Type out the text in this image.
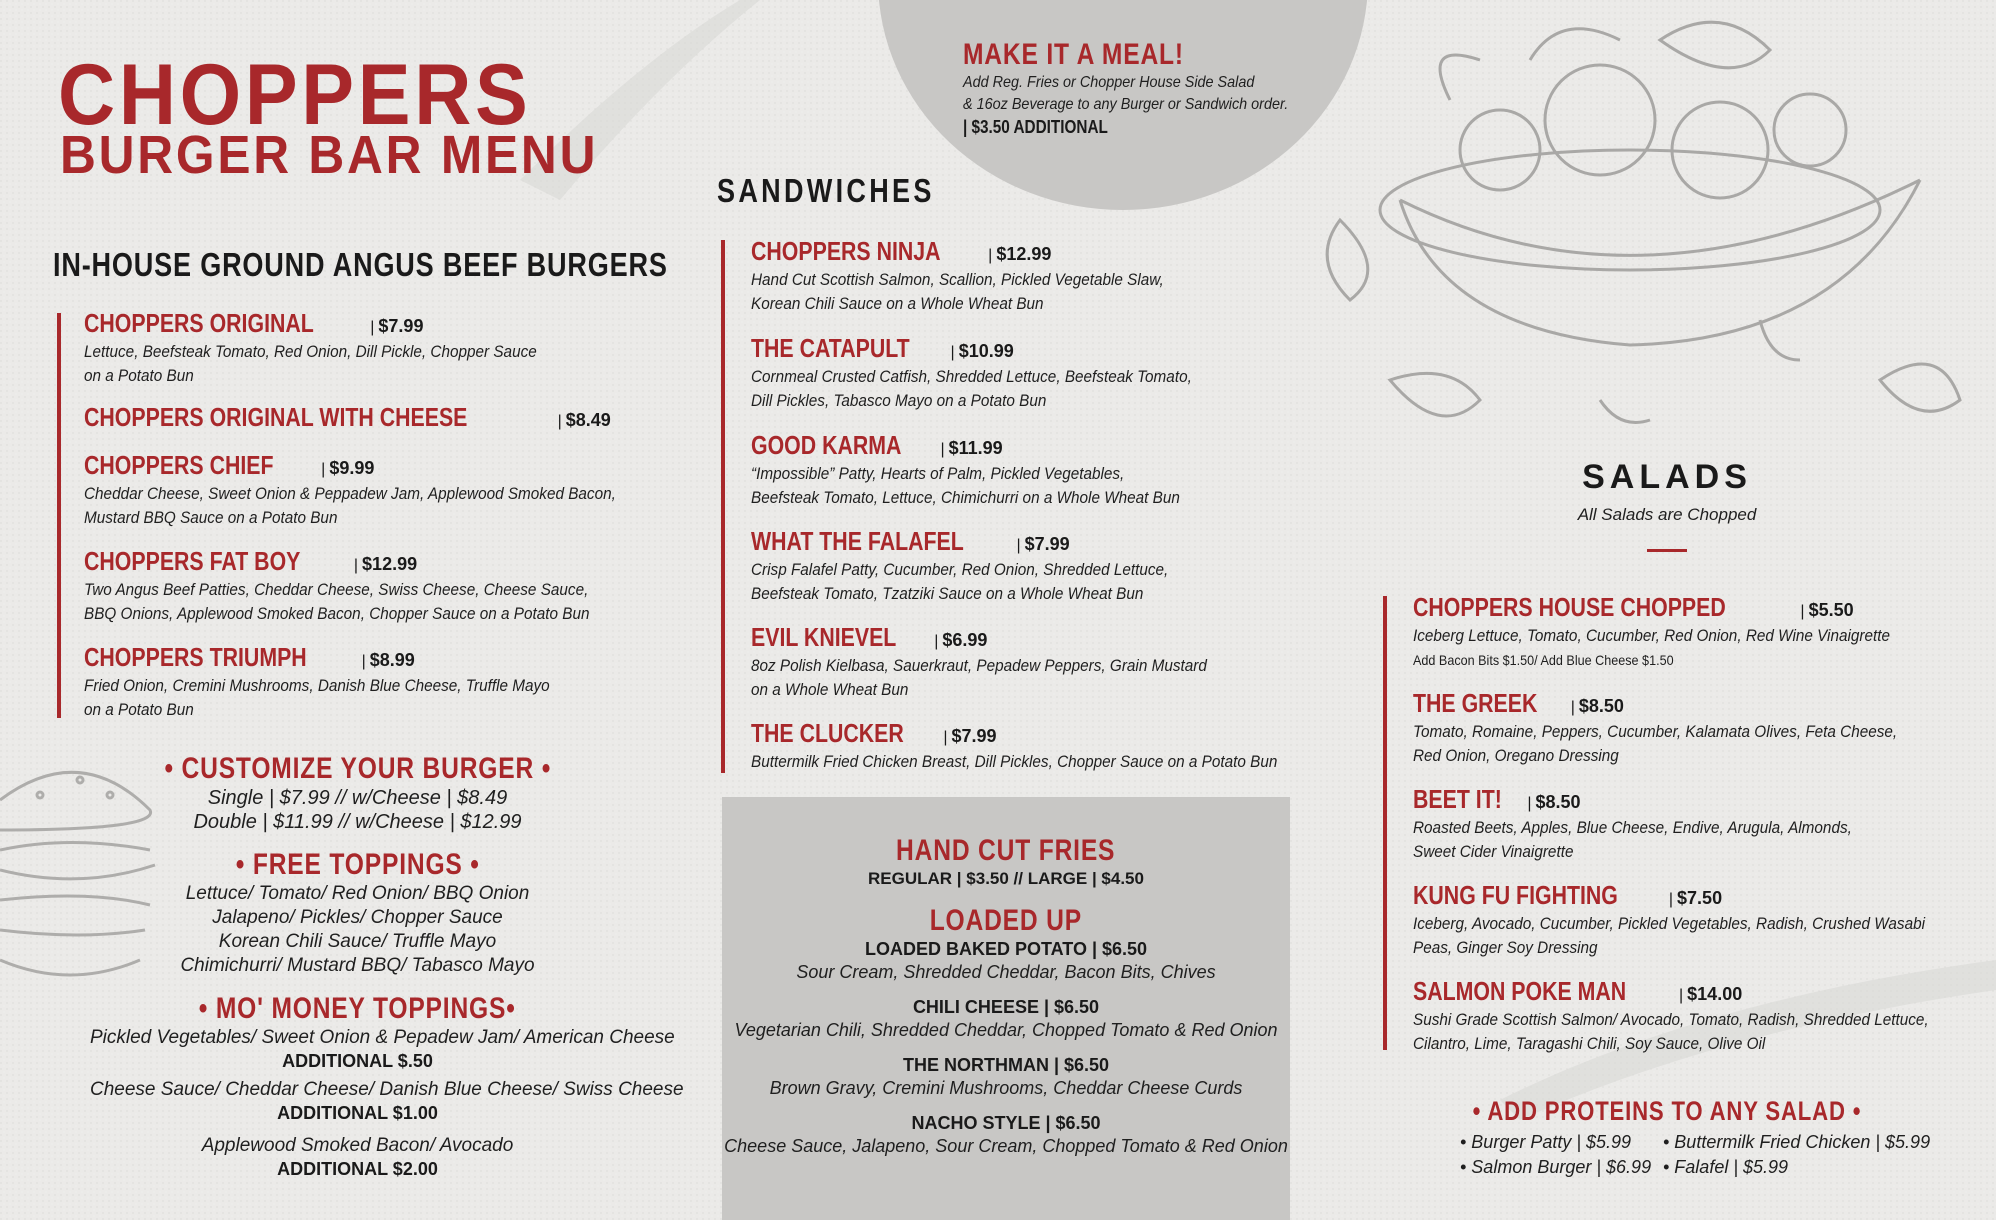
CHOPPERS
BURGER BAR MENU
IN-HOUSE GROUND ANGUS BEEF BURGERS
CHOPPERS ORIGINAL	| $7.99
Lettuce, Beefsteak Tomato, Red Onion, Dill Pickle, Chopper Sauce
on a Potato Bun
CHOPPERS ORIGINAL WITH CHEESE	| $8.49
CHOPPERS CHIEF	| $9.99
Cheddar Cheese, Sweet Onion & Peppadew Jam, Applewood Smoked Bacon,
Mustard BBQ Sauce on a Potato Bun
CHOPPERS FAT BOY	| $12.99
Two Angus Beef Patties, Cheddar Cheese, Swiss Cheese, Cheese Sauce,
BBQ Onions, Applewood Smoked Bacon, Chopper Sauce on a Potato Bun
CHOPPERS TRIUMPH	| $8.99
Fried Onion, Cremini Mushrooms, Danish Blue Cheese, Truffle Mayo
on a Potato Bun
• CUSTOMIZE YOUR BURGER •
Single | $7.99 // w/Cheese | $8.49
Double | $11.99 // w/Cheese | $12.99
• FREE TOPPINGS •
Lettuce/ Tomato/ Red Onion/ BBQ Onion
Jalapeno/ Pickles/ Chopper Sauce
Korean Chili Sauce/ Truffle Mayo
Chimichurri/ Mustard BBQ/ Tabasco Mayo
• MO' MONEY TOPPINGS•
Pickled Vegetables/ Sweet Onion & Pepadew Jam/ American Cheese
ADDITIONAL $.50
Cheese Sauce/ Cheddar Cheese/ Danish Blue Cheese/ Swiss Cheese
ADDITIONAL $1.00
Applewood Smoked Bacon/ Avocado
ADDITIONAL $2.00
MAKE IT A MEAL!
Add Reg. Fries or Chopper House Side Salad
& 16oz Beverage to any Burger or Sandwich order.
| $3.50 ADDITIONAL
SANDWICHES
CHOPPERS NINJA	| $12.99
Hand Cut Scottish Salmon, Scallion, Pickled Vegetable Slaw,
Korean Chili Sauce on a Whole Wheat Bun
THE CATAPULT	| $10.99
Cornmeal Crusted Catfish, Shredded Lettuce, Beefsteak Tomato,
Dill Pickles, Tabasco Mayo on a Potato Bun
GOOD KARMA | $11.99
“Impossible” Patty, Hearts of Palm, Pickled Vegetables,
Beefsteak Tomato, Lettuce, Chimichurri on a Whole Wheat Bun
WHAT THE FALAFEL	| $7.99
Crisp Falafel Patty, Cucumber, Red Onion, Shredded Lettuce,
Beefsteak Tomato, Tzatziki Sauce on a Whole Wheat Bun
EVIL KNIEVEL | $6.99
8oz Polish Kielbasa, Sauerkraut, Pepadew Peppers, Grain Mustard
on a Whole Wheat Bun
THE CLUCKER | $7.99
Buttermilk Fried Chicken Breast, Dill Pickles, Chopper Sauce on a Potato Bun
HAND CUT FRIES
REGULAR | $3.50 // LARGE | $4.50
LOADED UP
LOADED BAKED POTATO | $6.50
Sour Cream, Shredded Cheddar, Bacon Bits, Chives
CHILI CHEESE | $6.50
Vegetarian Chili, Shredded Cheddar, Chopped Tomato & Red Onion
THE NORTHMAN | $6.50
Brown Gravy, Cremini Mushrooms, Cheddar Cheese Curds
NACHO STYLE | $6.50
Cheese Sauce, Jalapeno, Sour Cream, Chopped Tomato & Red Onion
SALADS
All Salads are Chopped
CHOPPERS HOUSE CHOPPED	| $5.50
Iceberg Lettuce, Tomato, Cucumber, Red Onion, Red Wine Vinaigrette
Add Bacon Bits $1.50/ Add Blue Cheese $1.50
THE GREEK | $8.50
Tomato, Romaine, Peppers, Cucumber, Kalamata Olives, Feta Cheese,
Red Onion, Oregano Dressing
BEET IT! | $8.50
Roasted Beets, Apples, Blue Cheese, Endive, Arugula, Almonds,
Sweet Cider Vinaigrette
KUNG FU FIGHTING	| $7.50
Iceberg, Avocado, Cucumber, Pickled Vegetables, Radish, Crushed Wasabi
Peas, Ginger Soy Dressing
SALMON POKE MAN	| $14.00
Sushi Grade Scottish Salmon/ Avocado, Tomato, Radish, Shredded Lettuce,
Cilantro, Lime, Taragashi Chili, Soy Sauce, Olive Oil
• ADD PROTEINS TO ANY SALAD •
• Burger Patty | $5.99
• Salmon Burger | $6.99
• Buttermilk Fried Chicken | $5.99
• Falafel | $5.99
